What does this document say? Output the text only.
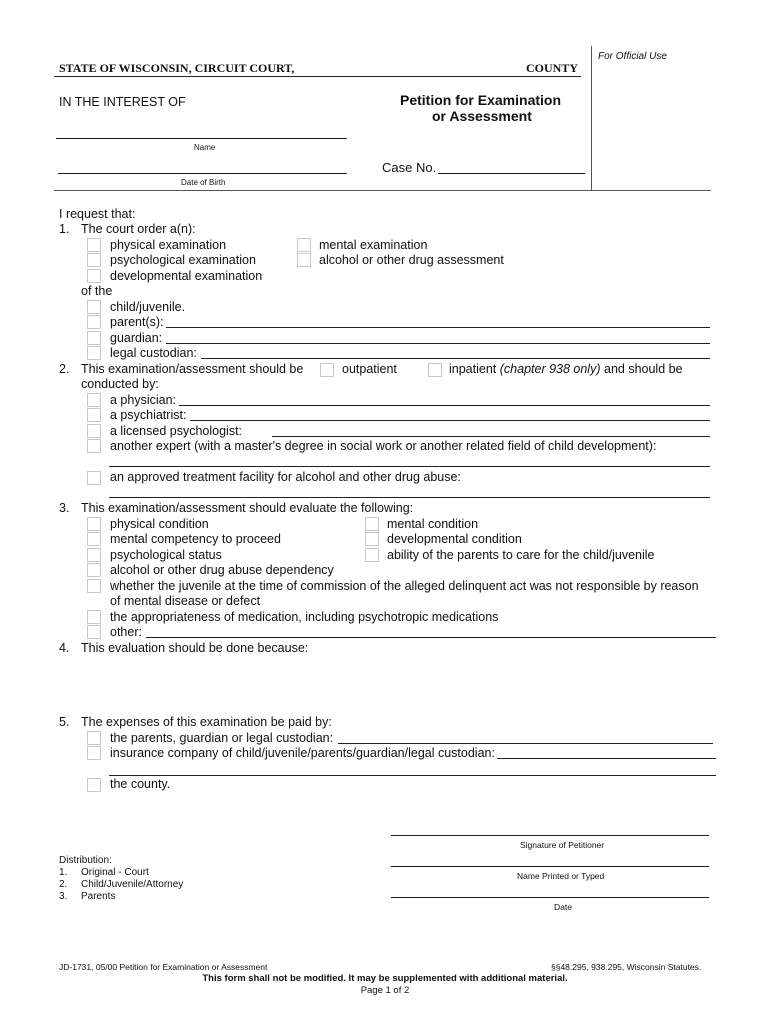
For Official Use
STATE OF WISCONSIN, CIRCUIT COURT,	COUNTY
IN THE INTEREST OF	Petition for Examination
or Assessment
Name
Date of Birth
Case No.
I request that:
1. The court order a(n):
physical examination	mental examination
psychological examination	alcohol or other drug assessment
developmental examination
of the
child/juvenile.
parent(s):
guardian:
legal custodian:
2. This examination/assessment should be	outpatient	inpatient (chapter 938 only) and should be
conducted by:
a physician:
a psychiatrist:
a licensed psychologist:
another expert (with a master's degree in social work or another related field of child development):
an approved treatment facility for alcohol and other drug abuse:
3. This examination/assessment should evaluate the following:
physical condition	mental condition
mental competency to proceed	developmental condition
psychological status	ability of the parents to care for the child/juvenile
alcohol or other drug abuse dependency
whether the juvenile at the time of commission of the alleged delinquent act was not responsible by reason
of mental disease or defect
the appropriateness of medication, including psychotropic medications
other:
4. This evaluation should be done because:
5. The expenses of this examination be paid by:
the parents, guardian or legal custodian:
insurance company of child/juvenile/parents/guardian/legal custodian:
the county.
Signature of Petitioner
Name Printed or Typed
Date
Distribution:
1. Original - Court
2. Child/Juvenile/Attorney
3. Parents
JD-1731, 05/00 Petition for Examination or Assessment	§§48.295, 938.295, Wisconsin Statutes.
This form shall not be modified. It may be supplemented with additional material.
Page 1 of 2
